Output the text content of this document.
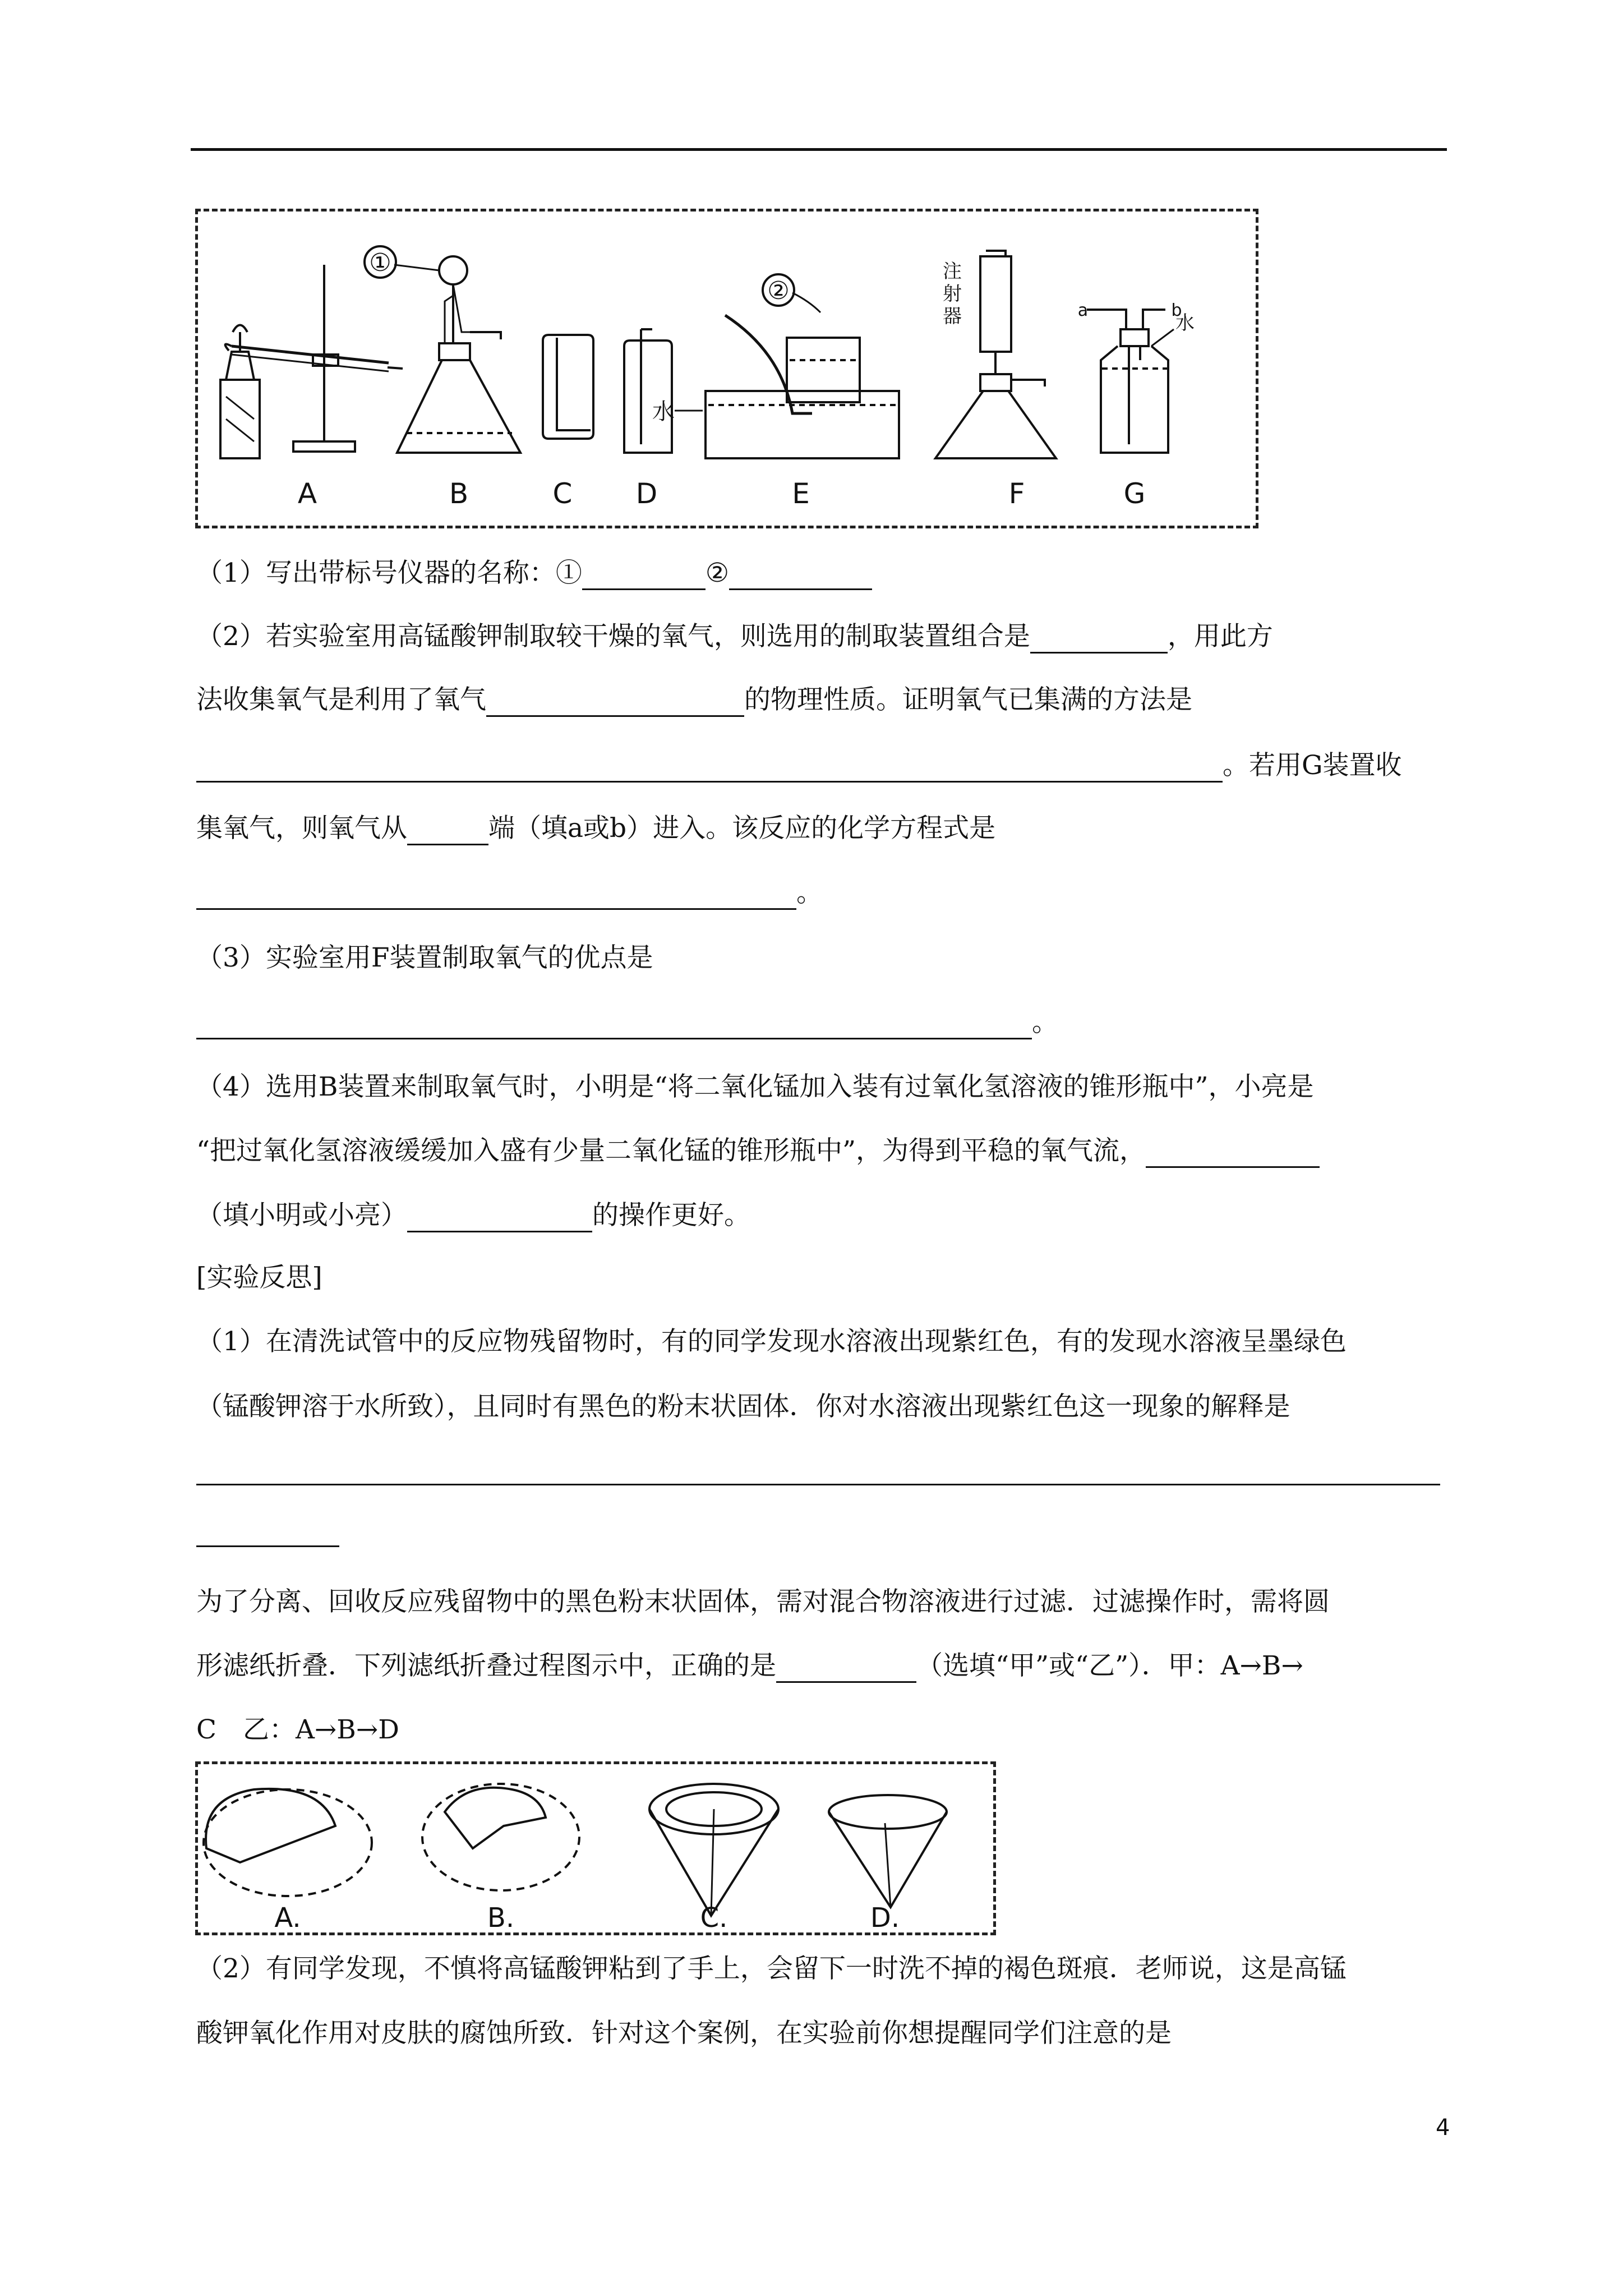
②
水
注
射
器	a	b
水
①
A	B	C D	E	F	G
（1）写出带标号仪器的名称：①	②
（2）若实验室用高锰酸钾制取较干燥的氧气，则选用的制取装置组合是	，用此方
法收集氧气是利用了氧气	的物理性质。证明氧气已集满的方法是
。若用G装置收
集氧气，则氧气从	端（填a或b）进入。该反应的化学方程式是
。
（3）实验室用F装置制取氧气的优点是
。
（4）选用B装置来制取氧气时，小明是“将二氧化锰加入装有过氧化氢溶液的锥形瓶中”，小亮是
“把过氧化氢溶液缓缓加入盛有少量二氧化锰的锥形瓶中”，为得到平稳的氧气流，
（填小明或小亮）	的操作更好。
[实验反思]
（1）在清洗试管中的反应物残留物时，有的同学发现水溶液出现紫红色，有的发现水溶液呈墨绿色
（锰酸钾溶于水所致），且同时有黑色的粉末状固体．你对水溶液出现紫红色这一现象的解释是
为了分离、回收反应残留物中的黑色粉末状固体，需对混合物溶液进行过滤．过滤操作时，需将圆
形滤纸折叠．下列滤纸折叠过程图示中，正确的是	（选填“甲”或“乙”）．甲：A→B→
C　乙：A→B→D
A.	B.	C.	D.
（2）有同学发现，不慎将高锰酸钾粘到了手上，会留下一时洗不掉的褐色斑痕．老师说，这是高锰
酸钾氧化作用对皮肤的腐蚀所致．针对这个案例，在实验前你想提醒同学们注意的是
4
